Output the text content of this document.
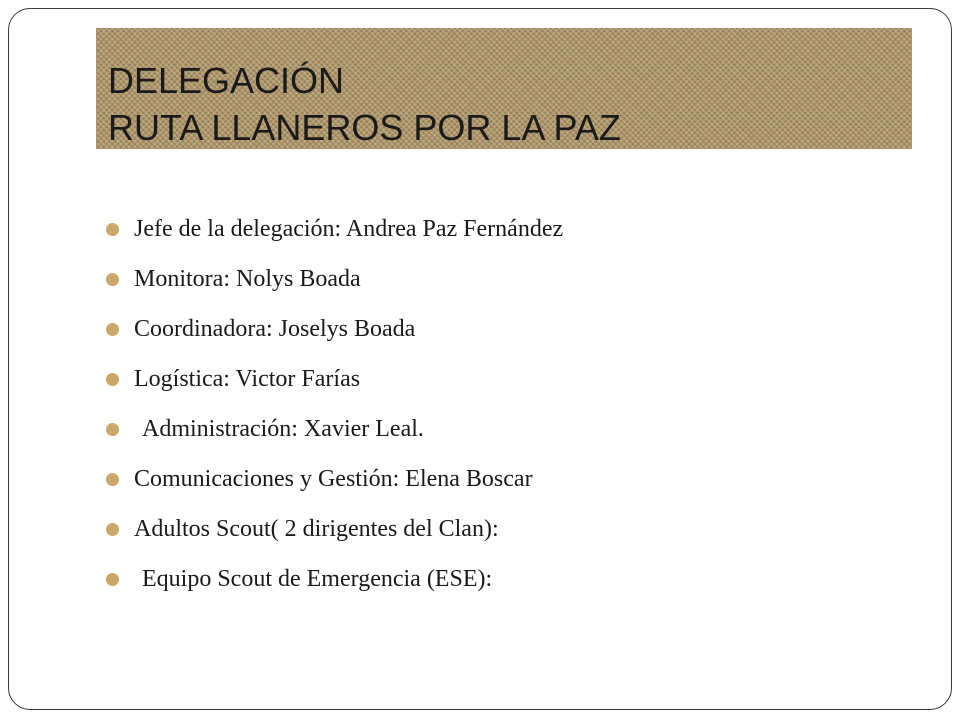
DELEGACIÓN
RUTA LLANEROS POR LA PAZ
Jefe de la delegación: Andrea Paz Fernández
Monitora: Nolys Boada
Coordinadora: Joselys Boada
Logística: Victor Farías
Administración: Xavier Leal.
Comunicaciones y Gestión: Elena Boscar
Adultos Scout( 2 dirigentes del Clan):
Equipo Scout de Emergencia (ESE):
